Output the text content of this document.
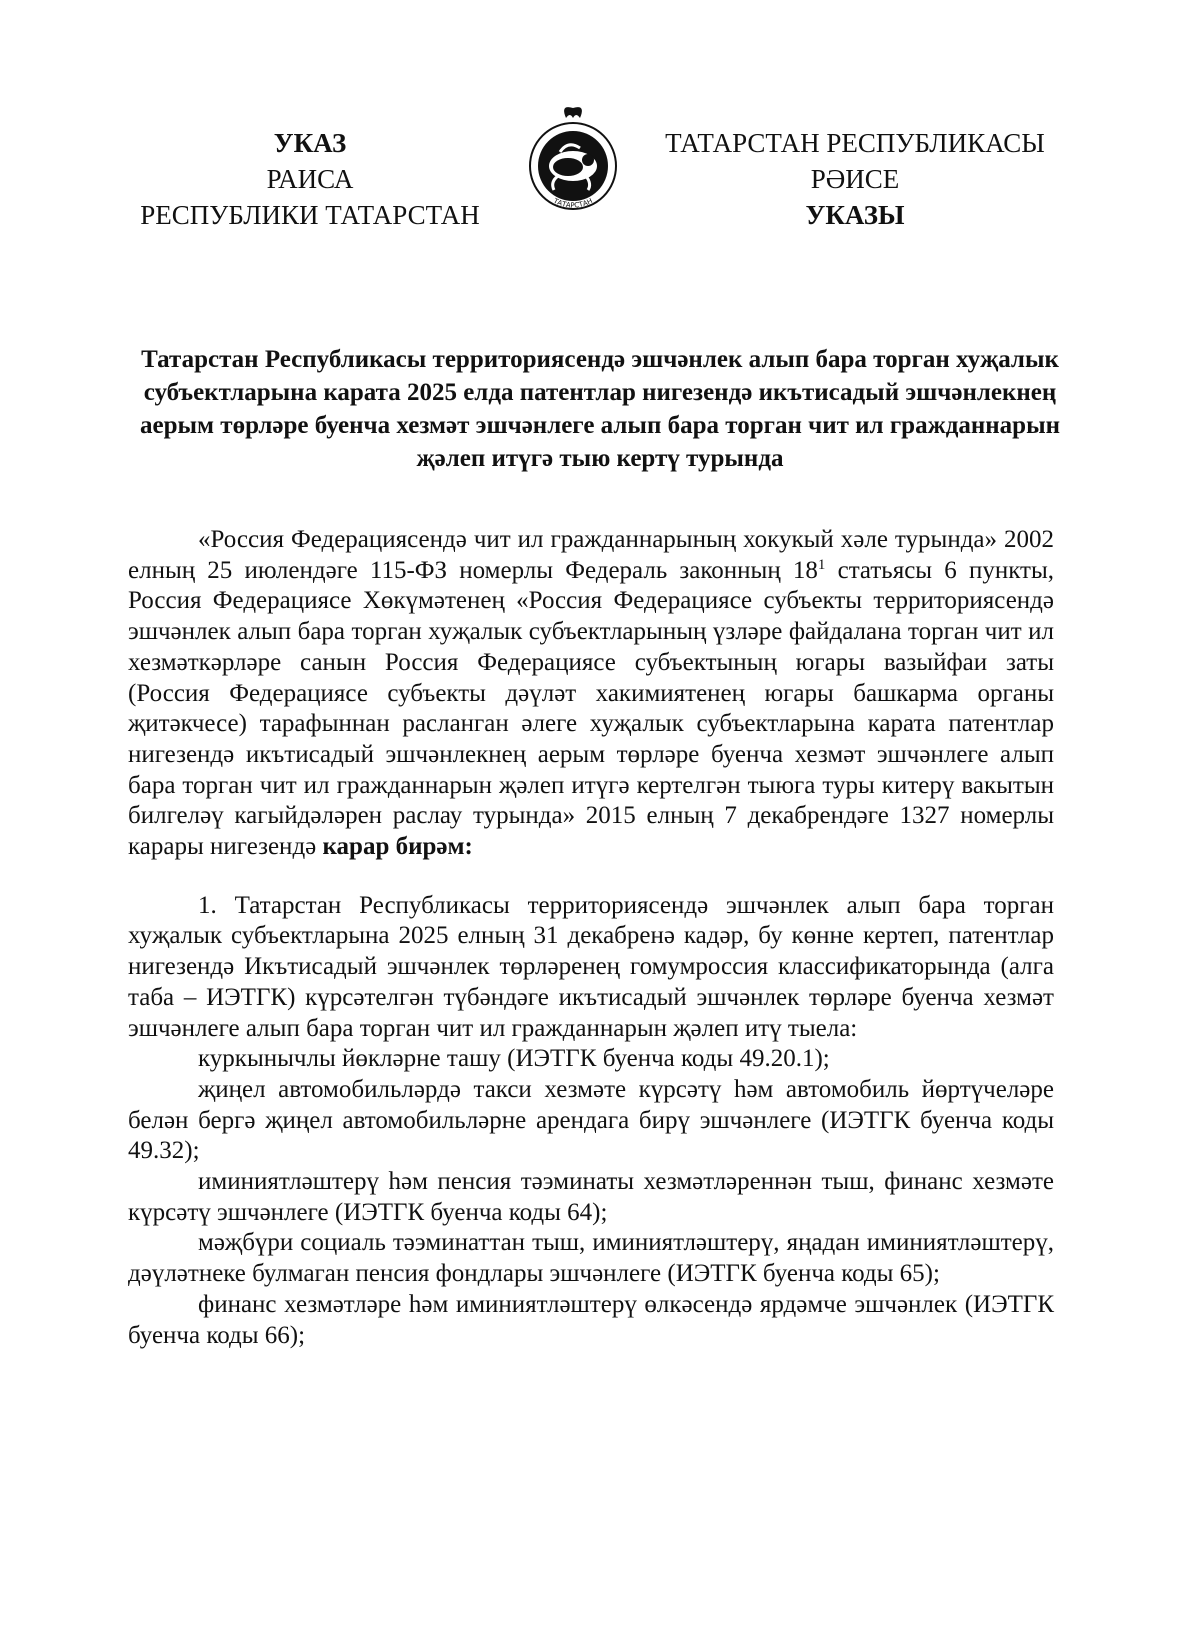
УКАЗ
РАИСА
РЕСПУБЛИКИ ТАТАРСТАН	ТАТАРСТАН
ТАТАРСТАН РЕСПУБЛИКАСЫ
РӘИСЕ
УКАЗЫ
Татарстан Республикасы территориясендә эшчәнлек алып бара торган хуҗалык субъектларына карата 2025 елда патентлар нигезендә икътисадый эшчәнлекнең аерым төрләре буенча хезмәт эшчәнлеге алып бара торган чит ил гражданнарын җәлеп итүгә тыю кертү турында

«Россия Федерациясендә чит ил гражданнарының хокукый хәле турында» 2002 елның 25 июлендәге 115-ФЗ номерлы Федераль законның $18^1$ статьясы 6 пункты, Россия Федерациясе Хөкүмәтенең «Россия Федерациясе субъекты территориясендә эшчәнлек алып бара торган хуҗалык субъектларының үзләре файдалана торган чит ил хезмәткәрләре санын Россия Федерациясе субъектының югары вазыйфаи заты (Россия Федерациясе субъекты дәүләт хакимиятенең югары башкарма органы җитәкчесе) тарафыннан расланган әлеге хуҗалык субъектларына карата патентлар нигезендә икътисадый эшчәнлекнең аерым төрләре буенча хезмәт эшчәнлеге алып бара торган чит ил гражданнарын җәлеп итүгә кертелгән тыюга туры китерү вакытын билгеләү кагыйдәләрен раслау турында» 2015 елның 7 декабрендәге 1327 номерлы карары нигезендә карар бирәм:

1. Татарстан Республикасы территориясендә эшчәнлек алып бара торган хуҗалык субъектларына 2025 елның 31 декабренә кадәр, бу көнне кертеп, патентлар нигезендә Икътисадый эшчәнлек төрләренең гомумроссия классификаторында (алга таба – ИЭТГК) күрсәтелгән түбәндәге икътисадый эшчәнлек төрләре буенча хезмәт эшчәнлеге алып бара торган чит ил гражданнарын җәлеп итү тыела:

куркынычлы йөкләрне ташу (ИЭТГК буенча коды 49.20.1);

җиңел автомобильләрдә такси хезмәте күрсәтү һәм автомобиль йөртүчеләре белән бергә җиңел автомобильләрне арендага бирү эшчәнлеге (ИЭТГК буенча коды 49.32);

иминиятләштерү һәм пенсия тәэминаты хезмәтләреннән тыш, финанс хезмәте күрсәтү эшчәнлеге (ИЭТГК буенча коды 64);

мәҗбүри социаль тәэминаттан тыш, иминиятләштерү, яңадан иминиятләштерү, дәүләтнеке булмаган пенсия фондлары эшчәнлеге (ИЭТГК буенча коды 65);

финанс хезмәтләре һәм иминиятләштерү өлкәсендә ярдәмче эшчәнлек (ИЭТГК буенча коды 66);
